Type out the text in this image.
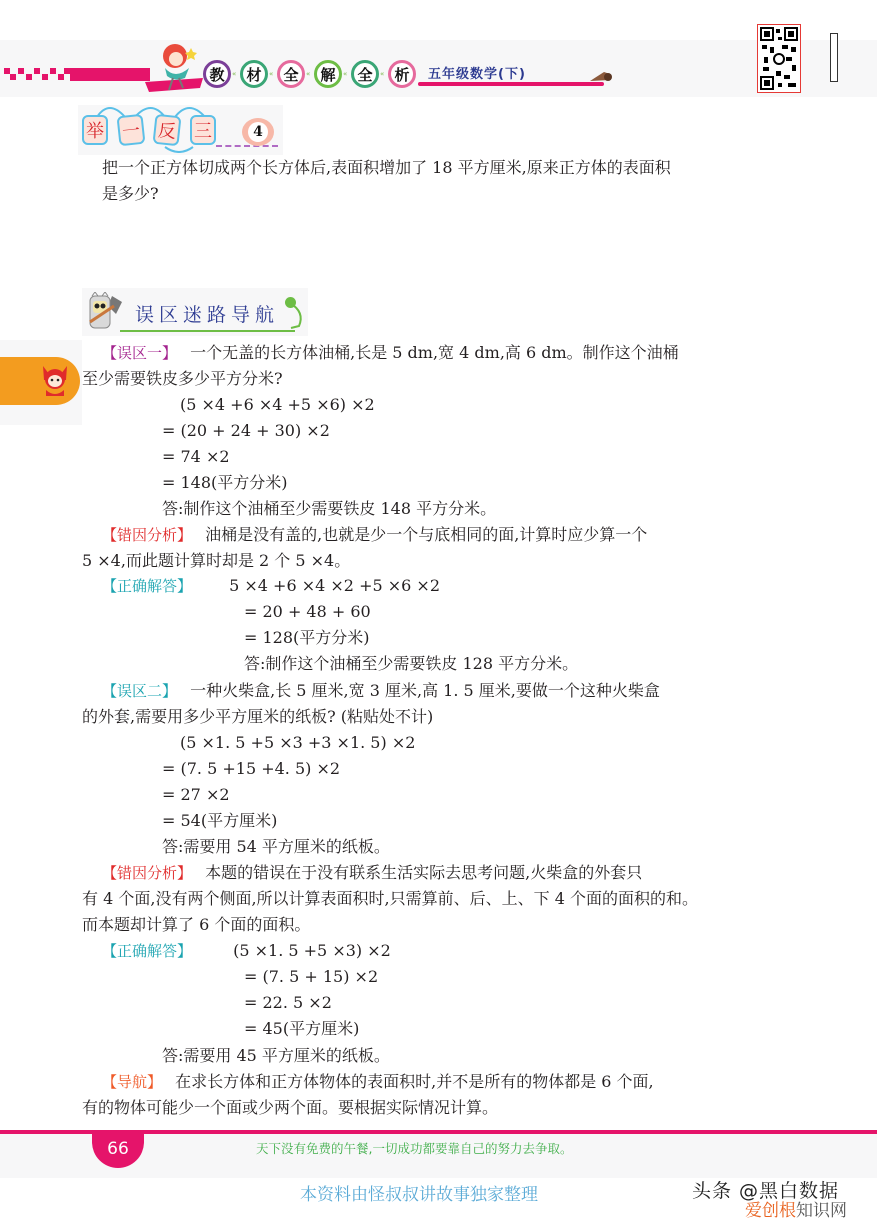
教	« 材	« 全	« 解	« 全	« 析	五年级数学(下)
举 一 反 三	4
把一个正方体切成两个长方体后,表面积增加了 18 平方厘米,原来正方体的表面积
是多少?
误区迷路导航
【误区一】 一个无盖的长方体油桶,长是 5 dm,宽 4 dm,高 6 dm。制作这个油桶
至少需要铁皮多少平方分米?
(5 ×4 +6 ×4 +5 ×6) ×2
= (20 + 24 + 30) ×2
= 74 ×2
= 148(平方分米)
答:制作这个油桶至少需要铁皮 148 平方分米。
【错因分析】 油桶是没有盖的,也就是少一个与底相同的面,计算时应少算一个
5 ×4,而此题计算时却是 2 个 5 ×4。
【正确解答】 5 ×4 +6 ×4 ×2 +5 ×6 ×2
= 20 + 48 + 60
= 128(平方分米)
答:制作这个油桶至少需要铁皮 128 平方分米。
【误区二】 一种火柴盒,长 5 厘米,宽 3 厘米,高 1. 5 厘米,要做一个这种火柴盒
的外套,需要用多少平方厘米的纸板? (粘贴处不计)
(5 ×1. 5 +5 ×3 +3 ×1. 5) ×2
= (7. 5 +15 +4. 5) ×2
= 27 ×2
= 54(平方厘米)
答:需要用 54 平方厘米的纸板。
【错因分析】 本题的错误在于没有联系生活实际去思考问题,火柴盒的外套只
有 4 个面,没有两个侧面,所以计算表面积时,只需算前、后、上、下 4 个面的面积的和。
而本题却计算了 6 个面的面积。
【正确解答】	(5 ×1. 5 +5 ×3) ×2
= (7. 5 + 15) ×2
= 22. 5 ×2
= 45(平方厘米)
答:需要用 45 平方厘米的纸板。
【导航】 在求长方体和正方体物体的表面积时,并不是所有的物体都是 6 个面,
有的物体可能少一个面或少两个面。要根据实际情况计算。
66	天下没有免费的午餐,一切成功都要靠自己的努力去争取。
本资料由怪叔叔讲故事独家整理	头条 @黑白数据
爱创根知识网
